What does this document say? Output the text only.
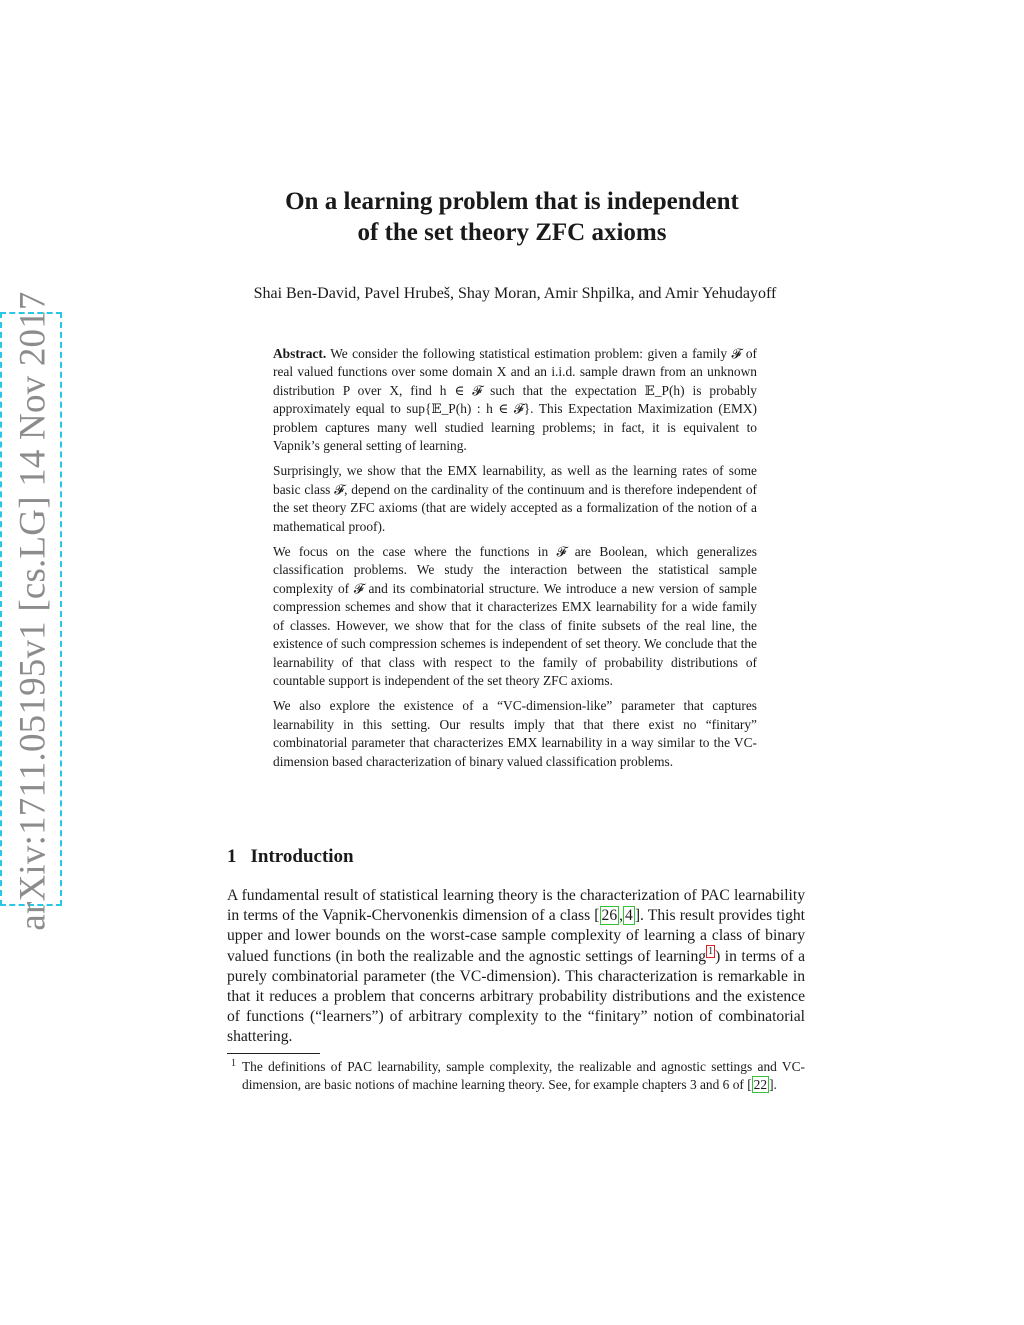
arXiv:1711.05195v1 [cs.LG] 14 Nov 2017
On a learning problem that is independent
of the set theory ZFC axioms
Shai Ben-David, Pavel Hrubeš, Shay Moran, Amir Shpilka, and Amir Yehudayoff

Abstract. We consider the following statistical estimation problem: given a family 𝓕 of real valued functions over some domain X and an i.i.d. sample drawn from an unknown distribution P over X, find h ∈ 𝓕 such that the expectation 𝔼_P(h) is probably approximately equal to sup{𝔼_P(h) : h ∈ 𝓕}. This Expectation Maximization (EMX) problem captures many well studied learning problems; in fact, it is equivalent to Vapnik’s general setting of learning.

Surprisingly, we show that the EMX learnability, as well as the learning rates of some basic class 𝓕, depend on the cardinality of the continuum and is therefore independent of the set theory ZFC axioms (that are widely accepted as a formalization of the notion of a mathematical proof).

We focus on the case where the functions in 𝓕 are Boolean, which generalizes classification problems. We study the interaction between the statistical sample complexity of 𝓕 and its combinatorial structure. We introduce a new version of sample compression schemes and show that it characterizes EMX learnability for a wide family of classes. However, we show that for the class of finite subsets of the real line, the existence of such compression schemes is independent of set theory. We conclude that the learnability of that class with respect to the family of probability distributions of countable support is independent of the set theory ZFC axioms.

We also explore the existence of a “VC-dimension-like” parameter that captures learnability in this setting. Our results imply that that there exist no “finitary” combinatorial parameter that characterizes EMX learnability in a way similar to the VC-dimension based characterization of binary valued classification problems.

1 Introduction

A fundamental result of statistical learning theory is the characterization of PAC learnability in terms of the Vapnik-Chervonenkis dimension of a class [ 26 , 4 ]. This result provides tight upper and lower bounds on the worst-case sample complexity of learning a class of binary valued functions (in both the realizable and the agnostic settings of learning $^1$ ) in terms of a purely combinatorial parameter (the VC-dimension). This characterization is remarkable in that it reduces a problem that concerns arbitrary probability distributions and the existence of functions (“learners”) of arbitrary complexity to the “finitary” notion of combinatorial shattering.

1 The definitions of PAC learnability, sample complexity, the realizable and agnostic settings and VC-dimension, are basic notions of machine learning theory. See, for example chapters 3 and 6 of [ 22 ].
